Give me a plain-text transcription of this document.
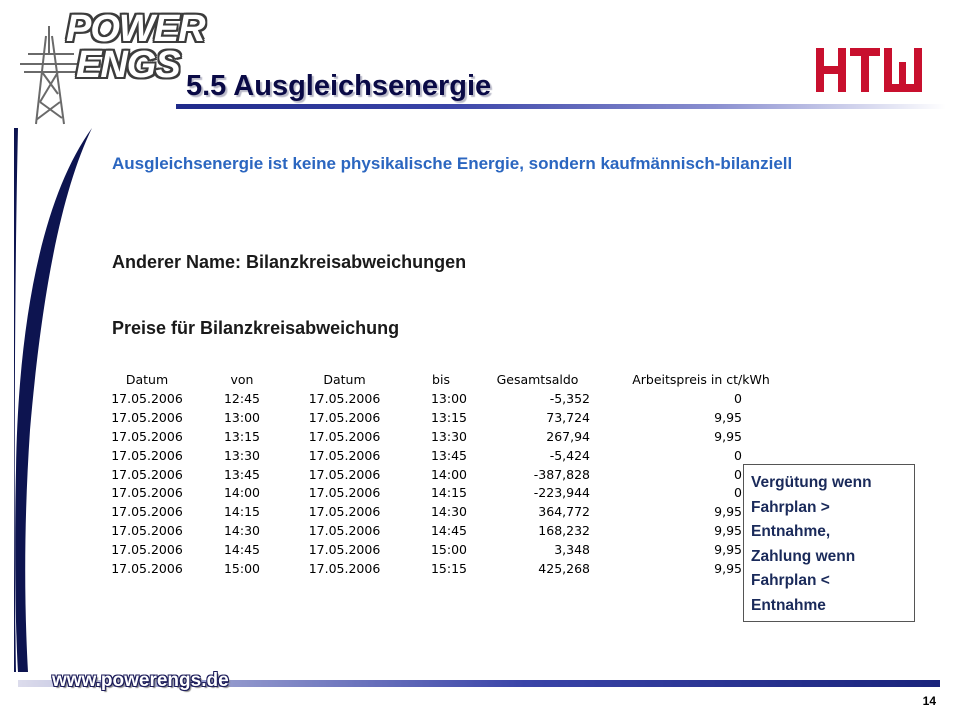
POWER
ENGS 5.5 Ausgleichsenergie
Ausgleichsenergie ist keine physikalische Energie, sondern kaufmännisch-bilanziell
Anderer Name: Bilanzkreisabweichungen
Preise für Bilanzkreisabweichung
Datum	von	Datum	bis	Gesamtsaldo	Arbeitspreis in ct/kWh
17.05.2006	12:45	17.05.2006	13:00	-5,352	0
17.05.2006	13:00	17.05.2006	13:15	73,724	9,95
17.05.2006	13:15	17.05.2006	13:30	267,94	9,95
17.05.2006	13:30	17.05.2006	13:45	-5,424	0
17.05.2006	13:45	17.05.2006	14:00	-387,828	0
17.05.2006	14:00	17.05.2006	14:15	-223,944	0
17.05.2006	14:15	17.05.2006	14:30	364,772	9,95
17.05.2006	14:30	17.05.2006	14:45	168,232	9,95
17.05.2006	14:45	17.05.2006	15:00	3,348	9,95
17.05.2006	15:00	17.05.2006	15:15	425,268	9,95
Vergütung wenn
Fahrplan >
Entnahme,
Zahlung wenn
Fahrplan <
Entnahme
www.powerengs.de
14
